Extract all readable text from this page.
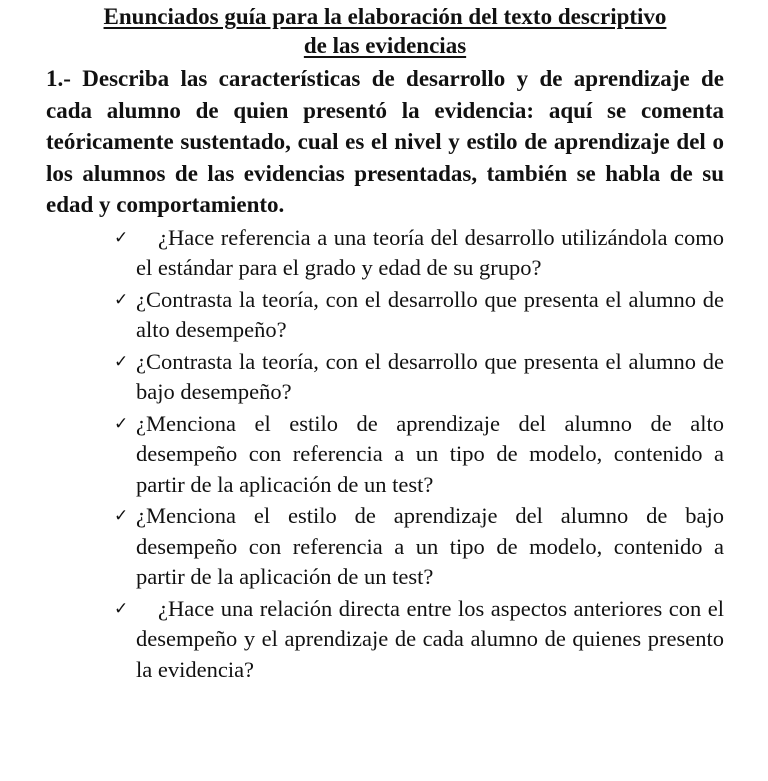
Enunciados guía para la elaboración del texto descriptivo
de las evidencias

1.- Describa las características de desarrollo y de aprendizaje de cada alumno de quien presentó la evidencia: aquí se comenta teóricamente sustentado, cual es el nivel y estilo de aprendizaje del o los alumnos de las evidencias presentadas, también se habla de su edad y comportamiento.

✓ ¿Hace referencia a una teoría del desarrollo utilizándola como el estándar para el grado y edad de su grupo?
✓ ¿Contrasta la teoría, con el desarrollo que presenta el alumno de alto desempeño?
✓ ¿Contrasta la teoría, con el desarrollo que presenta el alumno de bajo desempeño?
✓ ¿Menciona el estilo de aprendizaje del alumno de alto desempeño con referencia a un tipo de modelo, contenido a partir de la aplicación de un test?
✓ ¿Menciona el estilo de aprendizaje del alumno de bajo desempeño con referencia a un tipo de modelo, contenido a partir de la aplicación de un test?
✓ ¿Hace una relación directa entre los aspectos anteriores con el desempeño y el aprendizaje de cada alumno de quienes presento la evidencia?
